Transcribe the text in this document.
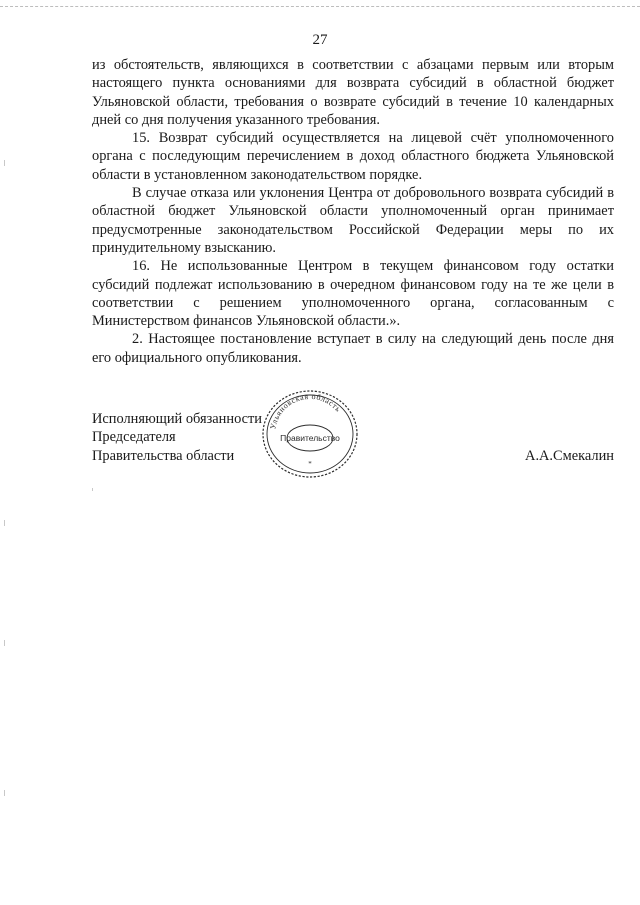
27

из обстоятельств, являющихся в соответствии с абзацами первым или вторым настоящего пункта основаниями для возврата субсидий в областной бюджет Ульяновской области, требования о возврате субсидий в течение 10 календарных дней со дня получения указанного требования.

15. Возврат субсидий осуществляется на лицевой счёт уполномоченного органа с последующим перечислением в доход областного бюджета Ульяновской области в установленном законодательством порядке.

В случае отказа или уклонения Центра от добровольного возврата субсидий в областной бюджет Ульяновской области уполномоченный орган принимает предусмотренные законодательством Российской Федерации меры по их принудительному взысканию.

16. Не использованные Центром в текущем финансовом году остатки субсидий подлежат использованию в очередном финансовом году на те же цели в соответствии с решением уполномоченного органа, согласованным с Министерством финансов Ульяновской области.».

2. Настоящее постановление вступает в силу на следующий день после дня его официального опубликования.

Исполняющий обязанности
Председателя
Правительства области	А.А.Смекалин
Ульяновская область
Правительство
*
